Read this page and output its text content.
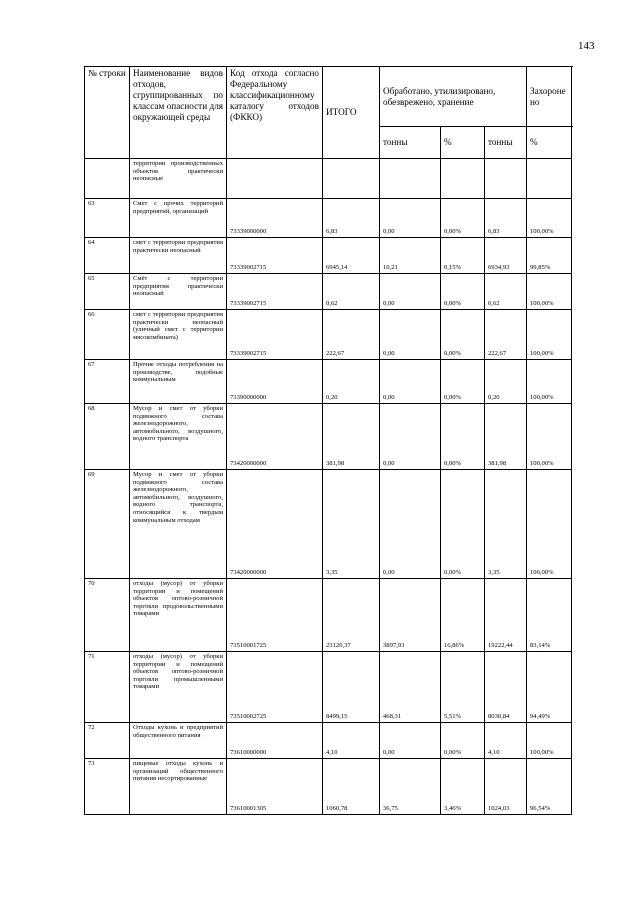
143
№ строки	Наименование видов отходов, сгруппированных по классам опасности для окружающей среды	Код отхода согласно Федеральному классификационному каталогу отходов (ФККО)	ИТОГО	Обработано, утилизировано, обезврежено, хранение			Захоронено
				тонны	%	тонны	%
	территории производственных объектов практически неопасные						
63	Смет с прочих территорий предприятий, организаций	73339000000	6,83	0,00	0,00%	6,83	100,00%
64	смет с территории предприятия практически неопасный	73339002715	6945,14	10,21	0,15%	6934,93	99,85%
65	Смёт с территории предприятия практически неопасный	73339002715	0,62	0,00	0,00%	0,62	100,00%
66	смет с территории предприятия практически неопасный (уличный смет с территории мясокомбината)	73339002715	222,67	0,00	0,00%	222,67	100,00%
67	Прочие отходы потребления на производстве, подобные коммунальным	73390000000	0,20	0,00	0,00%	0,20	100,00%
68	Мусор и смет от уборки подвижного состава железнодорожного, автомобильного, воздушного, водного транспорта	73420000000	381,98	0,00	0,00%	381,98	100,00%
69	Мусор и смет от уборки подвижного состава железнодорожного, автомобильного, воздушного, водного транспорта, относящийся к твердым коммунальным отходам	73420000000	3,35	0,00	0,00%	3,35	100,00%
70	отходы (мусор) от уборки территории и помещений объектов оптово-розничной торговли продовольственными товарами	73510001725	23120,37	3897,93	16,86%	19222,44	83,14%
71	отходы (мусор) от уборки территории и помещений объектов оптово-розничной торговли промышленными товарами	73510002725	8499,15	468,31	5,51%	8030,84	94,49%
72	Отходы кухонь и предприятий общественного питания	73610000000	4,10	0,00	0,00%	4,10	100,00%
73	пищевые отходы кухонь и организаций общественного питания несортированные	73610001305	1060,78	36,75	3,46%	1024,03	96,54%
